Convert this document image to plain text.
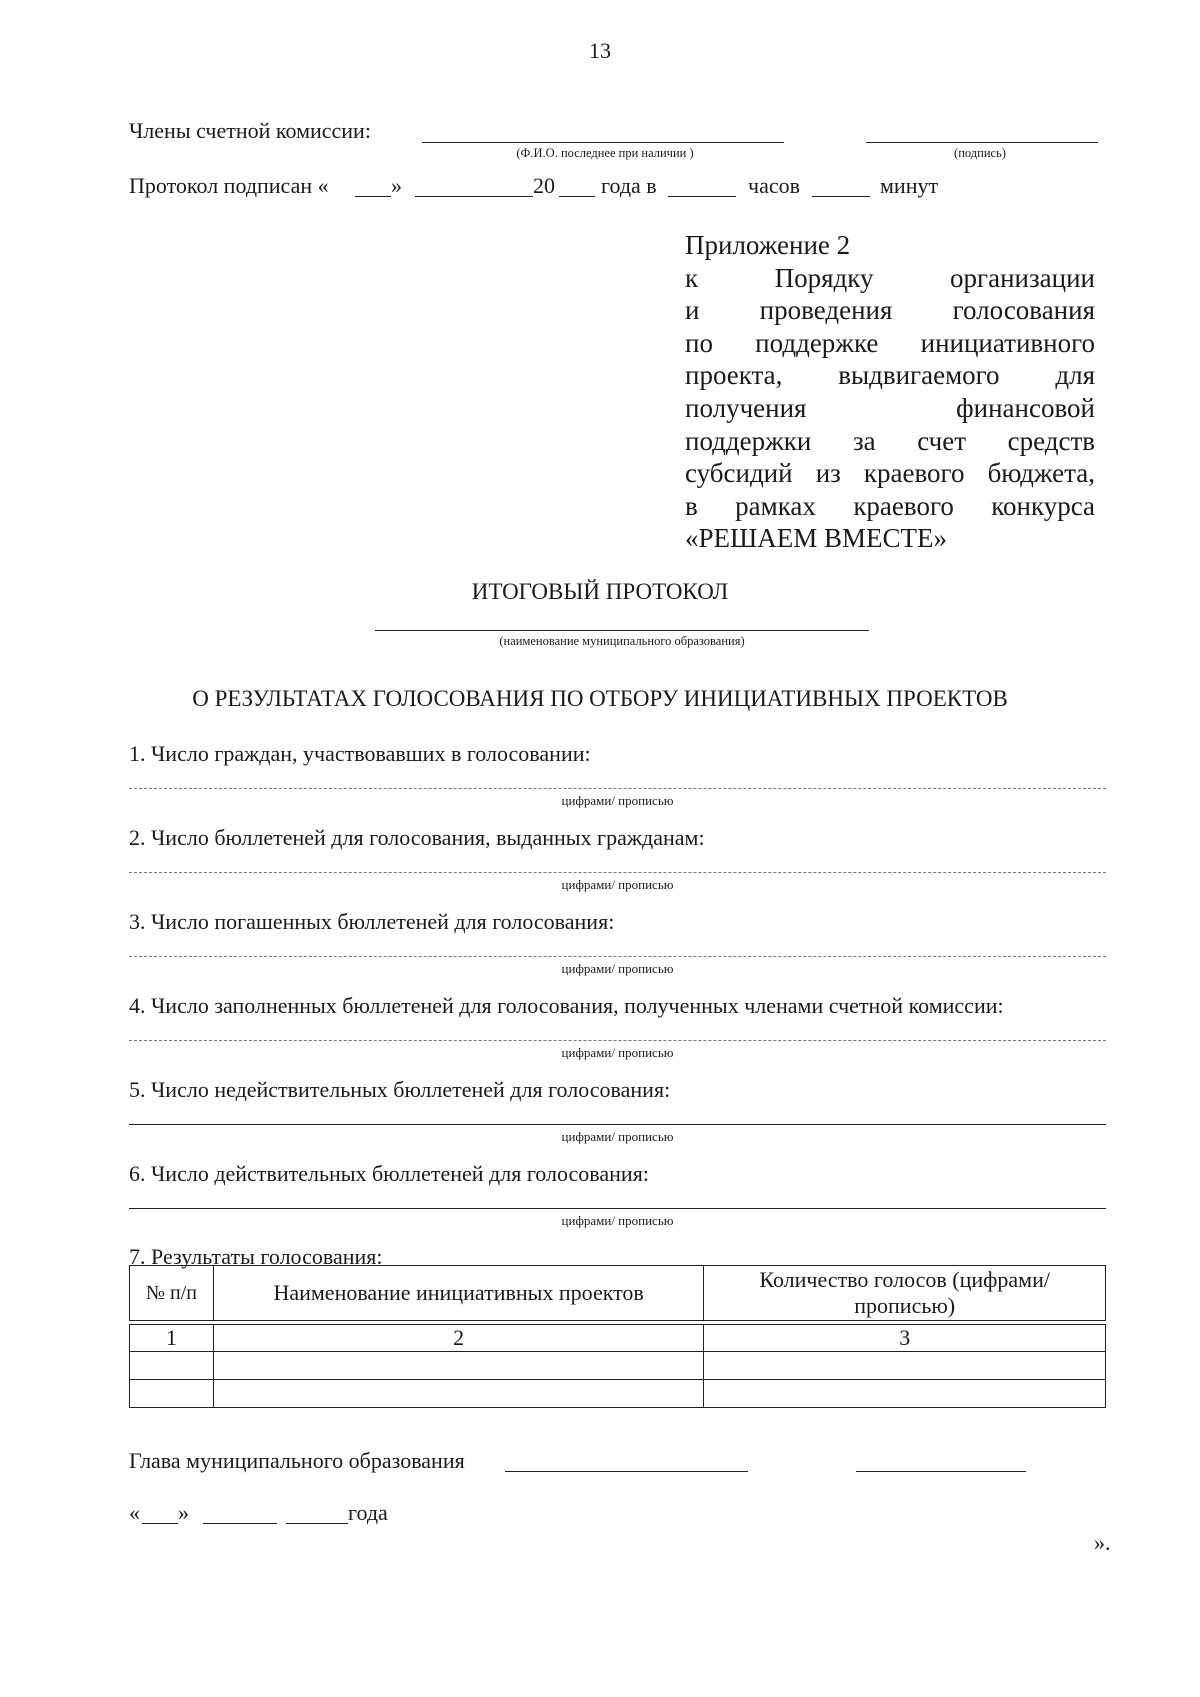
13
Члены счетной комиссии:
(Ф.И.О. последнее при наличии )	(подпись)
Протокол подписан «	»	20 года в	часов	минут
Приложение 2
к Порядку организации
и проведения голосования
по поддержке инициативного
проекта, выдвигаемого для
получения финансовой
поддержки за счет средств
субсидий из краевого бюджета,
в рамках краевого конкурса
«РЕШАЕМ ВМЕСТЕ»
ИТОГОВЫЙ ПРОТОКОЛ
(наименование муниципального образования)
О РЕЗУЛЬТАТАХ ГОЛОСОВАНИЯ ПО ОТБОРУ ИНИЦИАТИВНЫХ ПРОЕКТОВ
1. Число граждан, участвовавших в голосовании:
цифрами/ прописью
2. Число бюллетеней для голосования, выданных гражданам:
цифрами/ прописью
3. Число погашенных бюллетеней для голосования:
цифрами/ прописью
4. Число заполненных бюллетеней для голосования, полученных членами счетной комиссии:
цифрами/ прописью
5. Число недействительных бюллетеней для голосования:
цифрами/ прописью
6. Число действительных бюллетеней для голосования:
цифрами/ прописью
7. Результаты голосования:
№ п/п	Наименование инициативных проектов	Количество голосов (цифрами/ прописью)

1	2	3

Глава муниципального образования
« »	года
».
